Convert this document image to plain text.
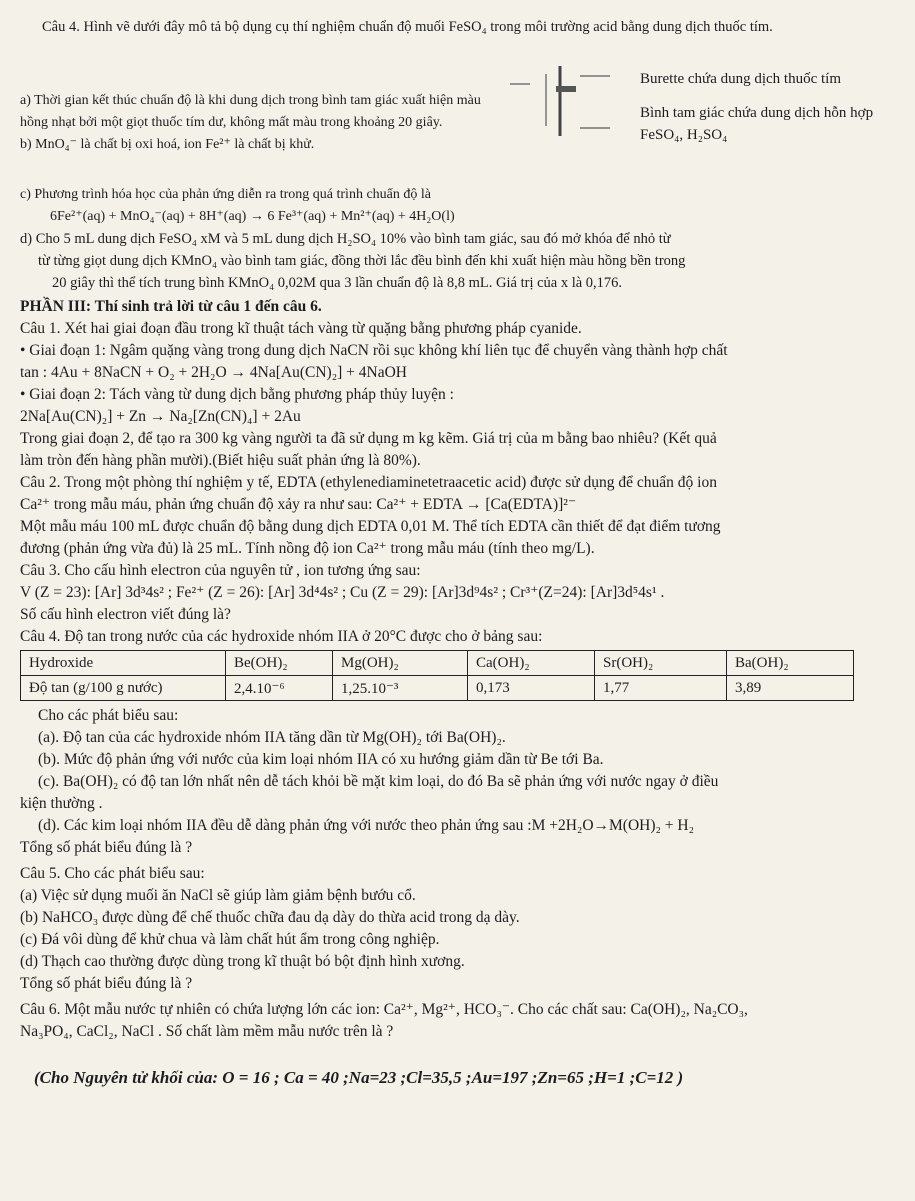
Câu 4. Hình vẽ dưới đây mô tả bộ dụng cụ thí nghiệm chuẩn độ muối FeSO₄ trong môi trường acid bằng dung dịch thuốc tím.

a) Thời gian kết thúc chuẩn độ là khi dung dịch trong bình tam giác xuất hiện màu hồng nhạt bởi một giọt thuốc tím dư, không mất màu trong khoảng 20 giây.

b) MnO₄⁻ là chất bị oxi hoá, ion Fe²⁺ là chất bị khử.

Burette chứa dung dịch thuốc tím

Bình tam giác chứa dung dịch hỗn hợp FeSO₄, H₂SO₄

c) Phương trình hóa học của phản ứng diễn ra trong quá trình chuẩn độ là

6Fe²⁺(aq) + MnO₄⁻(aq) + 8H⁺(aq) → 6 Fe³⁺(aq) + Mn²⁺(aq) + 4H₂O(l)

d) Cho 5 mL dung dịch FeSO₄ xM và 5 mL dung dịch H₂SO₄ 10% vào bình tam giác, sau đó mở khóa để nhỏ từ

từ từng giọt dung dịch KMnO₄ vào bình tam giác, đồng thời lắc đều bình đến khi xuất hiện màu hồng bền trong

20 giây thì thể tích trung bình KMnO₄ 0,02M qua 3 lần chuẩn độ là 8,8 mL. Giá trị của x là 0,176.

PHẦN III: Thí sinh trả lời từ câu 1 đến câu 6.

Câu 1. Xét hai giai đoạn đầu trong kĩ thuật tách vàng từ quặng bằng phương pháp cyanide.

• Giai đoạn 1: Ngâm quặng vàng trong dung dịch NaCN rồi sục không khí liên tục để chuyển vàng thành hợp chất

tan : 4Au + 8NaCN + O₂ + 2H₂O → 4Na[Au(CN)₂] + 4NaOH

• Giai đoạn 2: Tách vàng từ dung dịch bằng phương pháp thủy luyện :

2Na[Au(CN)₂] + Zn → Na₂[Zn(CN)₄] + 2Au

Trong giai đoạn 2, để tạo ra 300 kg vàng người ta đã sử dụng m kg kẽm. Giá trị của m bằng bao nhiêu? (Kết quả

làm tròn đến hàng phần mười).(Biết hiệu suất phản ứng là 80%).

Câu 2. Trong một phòng thí nghiệm y tế, EDTA (ethylenediaminetetraacetic acid) được sử dụng để chuẩn độ ion

Ca²⁺ trong mẫu máu, phản ứng chuẩn độ xảy ra như sau: Ca²⁺ + EDTA → [Ca(EDTA)]²⁻

Một mẫu máu 100 mL được chuẩn độ bằng dung dịch EDTA 0,01 M. Thể tích EDTA cần thiết để đạt điểm tương

đương (phản ứng vừa đủ) là 25 mL. Tính nồng độ ion Ca²⁺ trong mẫu máu (tính theo mg/L).

Câu 3. Cho cấu hình electron của nguyên tử , ion tương ứng sau:

V (Z = 23): [Ar] 3d³4s² ; Fe²⁺ (Z = 26): [Ar] 3d⁴4s² ; Cu (Z = 29): [Ar]3d⁹4s² ; Cr³⁺(Z=24): [Ar]3d⁵4s¹ .

Số cấu hình electron viết đúng là?

Câu 4. Độ tan trong nước của các hydroxide nhóm IIA ở 20°C được cho ở bảng sau:

Hydroxide	Be(OH)₂	Mg(OH)₂	Ca(OH)₂	Sr(OH)₂	Ba(OH)₂
Độ tan (g/100 g nước)	2,4.10⁻⁶	1,25.10⁻³	0,173	1,77	3,89

Cho các phát biểu sau:

(a). Độ tan của các hydroxide nhóm IIA tăng dần từ Mg(OH)₂ tới Ba(OH)₂.

(b). Mức độ phản ứng với nước của kim loại nhóm IIA có xu hướng giảm dần từ Be tới Ba.

(c). Ba(OH)₂ có độ tan lớn nhất nên dễ tách khỏi bề mặt kim loại, do đó Ba sẽ phản ứng với nước ngay ở điều

kiện thường .

(d). Các kim loại nhóm IIA đều dễ dàng phản ứng với nước theo phản ứng sau :M +2H₂O→M(OH)₂ + H₂

Tổng số phát biểu đúng là ?

Câu 5. Cho các phát biểu sau:

(a) Việc sử dụng muối ăn NaCl sẽ giúp làm giảm bệnh bướu cổ.

(b) NaHCO₃ được dùng để chế thuốc chữa đau dạ dày do thừa acid trong dạ dày.

(c) Đá vôi dùng để khử chua và làm chất hút ẩm trong công nghiệp.

(d) Thạch cao thường được dùng trong kĩ thuật bó bột định hình xương.

Tổng số phát biểu đúng là ?

Câu 6. Một mẫu nước tự nhiên có chứa lượng lớn các ion: Ca²⁺, Mg²⁺, HCO₃⁻. Cho các chất sau: Ca(OH)₂, Na₂CO₃,

Na₃PO₄, CaCl₂, NaCl . Số chất làm mềm mẫu nước trên là ?

(Cho Nguyên tử khối của: O = 16 ; Ca = 40 ;Na=23 ;Cl=35,5 ;Au=197 ;Zn=65 ;H=1 ;C=12 )
